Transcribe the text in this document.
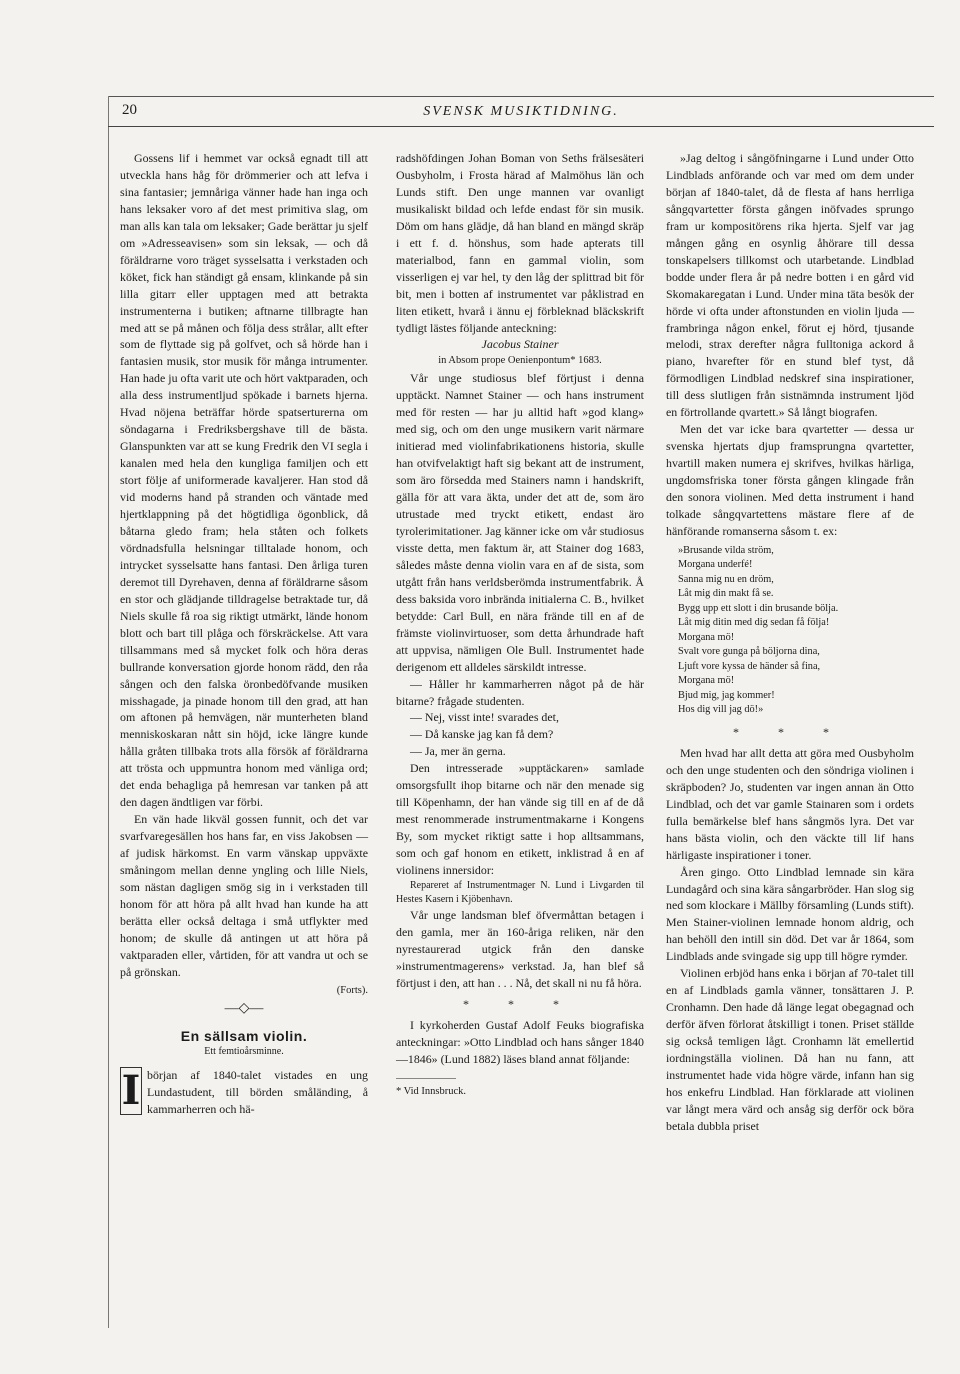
20	SVENSK MUSIKTIDNING.

Gossens lif i hemmet var också egnadt till att utveckla hans håg för drömmerier och att lefva i sina fantasier; jemnåriga vänner hade han inga och hans leksaker voro af det mest primitiva slag, om man alls kan tala om leksaker; Gade berättar ju sjelf om »Adresseavisen» som sin leksak, — och då föräldrarne voro träget sysselsatta i verkstaden och köket, fick han ständigt gå ensam, klinkande på sin lilla gitarr eller upptagen med att betrakta instrumenterna i butiken; aftnarne tillbragte han med att se på månen och följa dess strålar, allt efter som de flyttade sig på golfvet, och så hörde han i fantasien musik, stor musik för många intrumenter. Han hade ju ofta varit ute och hört vaktparaden, och alla dess instrumentljud spökade i barnets hjerna. Hvad nöjena beträffar hörde spatserturerna om söndagarna i Fredriksbergshave till de bästa. Glanspunkten var att se kung Fredrik den VI segla i kanalen med hela den kungliga familjen och ett stort följe af uniformerade kavaljerer. Han stod då vid moderns hand på stranden och väntade med hjertklappning på det högtidliga ögonblick, då båtarna gledo fram; hela ståten och folkets vördnadsfulla helsningar tilltalade honom, och intrycket sysselsatte hans fantasi. Den årliga turen deremot till Dyrehaven, denna af föräldrarne såsom en stor och glädjande tilldragelse betraktade tur, då Niels skulle få roa sig riktigt utmärkt, lände honom blott och bart till plåga och förskräckelse. Att vara tillsammans med så mycket folk och höra deras bullrande konversation gjorde honom rädd, den råa sången och den falska öronbedöfvande musiken misshagade, ja pinade honom till den grad, att han om aftonen på hemvägen, när munterheten bland menniskoskaran nått sin höjd, icke längre kunde hålla gråten tillbaka trots alla försök af föräldrarna att trösta och uppmuntra honom med vänliga ord; det enda behagliga på hemresan var tanken på att den dagen ändtligen var förbi.

En vän hade likväl gossen funnit, och det var svarfvaregesällen hos hans far, en viss Jakobsen — af judisk härkomst. En varm vänskap uppväxte småningom mellan denne yngling och lille Niels, som nästan dagligen smög sig in i verkstaden till honom för att höra på allt hvad han kunde ha att berätta eller också deltaga i små utflykter med honom; de skulle då antingen ut att höra på vaktparaden eller, vårtiden, för att vandra ut och se på grönskan.

(Forts).
—◇—
En sällsam violin.
Ett femtioårsminne.
I början af 1840-talet vistades en ung Lundastudent, till börden småländing, å kammarherren och hä-

radshöfdingen Johan Boman von Seths frälsesäteri Ousbyholm, i Frosta härad af Malmöhus län och Lunds stift. Den unge mannen var ovanligt musikaliskt bildad och lefde endast för sin musik. Döm om hans glädje, då han bland en mängd skräp i ett f. d. hönshus, som hade apterats till materialbod, fann en gammal violin, som visserligen ej var hel, ty den låg der splittrad bit för bit, men i botten af instrumentet var påklistrad en liten etikett, hvarå i ännu ej förbleknad bläckskrift tydligt lästes följande anteckning:

Jacobus Stainer
in Absom prope Oenienpontum* 1683.

Vår unge studiosus blef förtjust i denna upptäckt. Namnet Stainer — och hans instrument med för resten — har ju alltid haft »god klang» med sig, och om den unge musikern varit närmare initierad med violinfabrikationens historia, skulle han otvifvelaktigt haft sig bekant att de instrument, som äro försedda med Stainers namn i handskrift, gälla för att vara äkta, under det att de, som äro utrustade med tryckt etikett, endast äro tyrolerimitationer. Jag känner icke om vår studiosus visste detta, men faktum är, att Stainer dog 1683, således måste denna violin vara en af de sista, som utgått från hans verldsberömda instrumentfabrik. Å dess baksida voro inbrända initialerna C. B., hvilket betydde: Carl Bull, en nära frände till en af de främste violinvirtuoser, som detta århundrade haft att uppvisa, nämligen Ole Bull. Instrumentet hade derigenom ett alldeles särskildt intresse.

— Håller hr kammarherren något på de här bitarne? frågade studenten.

— Nej, visst inte! svarades det,

— Då kanske jag kan få dem?

— Ja, mer än gerna.

Den intresserade »upptäckaren» samlade omsorgsfullt ihop bitarne och när den menade sig till Köpenhamn, der han vände sig till en af de då mest renommerade instrumentmakarne i Kongens By, som mycket riktigt satte i hop alltsammans, som och gaf honom en etikett, inklistrad å en af violinens innersidor:

Repareret af Instrumentmager N. Lund i Livgarden til Hestes Kasern i Kjöbenhavn.

Vår unge landsman blef öfvermåttan betagen i den gamla, mer än 160-åriga reliken, när den nyrestaurerad utgick från den danske »instrumentmagerens» verkstad. Ja, han blef så förtjust i den, att han . . . Nå, det skall ni nu få höra.

* * *

I kyrkoherden Gustaf Adolf Feuks biografiska anteckningar: »Otto Lindblad och hans sånger 1840—1846» (Lund 1882) läses bland annat följande:

* Vid Innsbruck.

»Jag deltog i sångöfningarne i Lund under Otto Lindblads anförande och var med om dem under början af 1840-talet, då de flesta af hans herrliga sångqvartetter första gången inöfvades sprungo fram ur kompositörens rika hjerta. Sjelf var jag mången gång en osynlig åhörare till dessa tonskapelsers tillkomst och utarbetande. Lindblad bodde under flera år på nedre botten i en gård vid Skomakaregatan i Lund. Under mina täta besök der hörde vi ofta under aftonstunden en violin ljuda — frambringa någon enkel, förut ej hörd, tjusande melodi, strax derefter några fulltoniga ackord å piano, hvarefter för en stund blef tyst, då förmodligen Lindblad nedskref sina inspirationer, till dess slutligen från sistnämnda instrument ljöd en förtrollande qvartett.» Så långt biografen.

Men det var icke bara qvartetter — dessa ur svenska hjertats djup framsprungna qvartetter, hvartill maken numera ej skrifves, hvilkas härliga, ungdomsfriska toner första gången klingade från den sonora violinen. Med detta instrument i hand tolkade sångqvartettens mästare flere af de hänförande romanserna såsom t. ex:

»Brusande vilda ström,
Morgana underfé!
Sanna mig nu en dröm,
Låt mig din makt få se.
Bygg upp ett slott i din brusande bölja.
Låt mig ditin med dig sedan få följa!
Morgana mö!
Svalt vore gunga på böljorna dina,
Ljuft vore kyssa de händer så fina,
Morgana mö!
Bjud mig, jag kommer!
Hos dig vill jag dö!»
* * *

Men hvad har allt detta att göra med Ousbyholm och den unge studenten och den söndriga violinen i skräpboden? Jo, studenten var ingen annan än Otto Lindblad, och det var gamle Stainaren som i ordets fulla bemärkelse blef hans sångmös lyra. Det var hans bästa violin, och den väckte till lif hans härligaste inspirationer i toner.

Åren gingo. Otto Lindblad lemnade sin kära Lundagård och sina kära sångarbröder. Han slog sig ned som klockare i Mällby församling (Lunds stift). Men Stainer-violinen lemnade honom aldrig, och han behöll den intill sin död. Det var år 1864, som Lindblads ande svingade sig upp till högre rymder.

Violinen erbjöd hans enka i början af 70-talet till en af Lindblads gamla vänner, tonsättaren J. P. Cronhamn. Den hade då länge legat obegagnad och derför äfven förlorat åtskilligt i tonen. Priset ställde sig också temligen lågt. Cronhamn lät emellertid iordningställa violinen. Då han nu fann, att instrumentet hade vida högre värde, infann han sig hos enkefru Lindblad. Han förklarade att violinen var långt mera värd och ansåg sig derför ock böra betala dubbla priset
